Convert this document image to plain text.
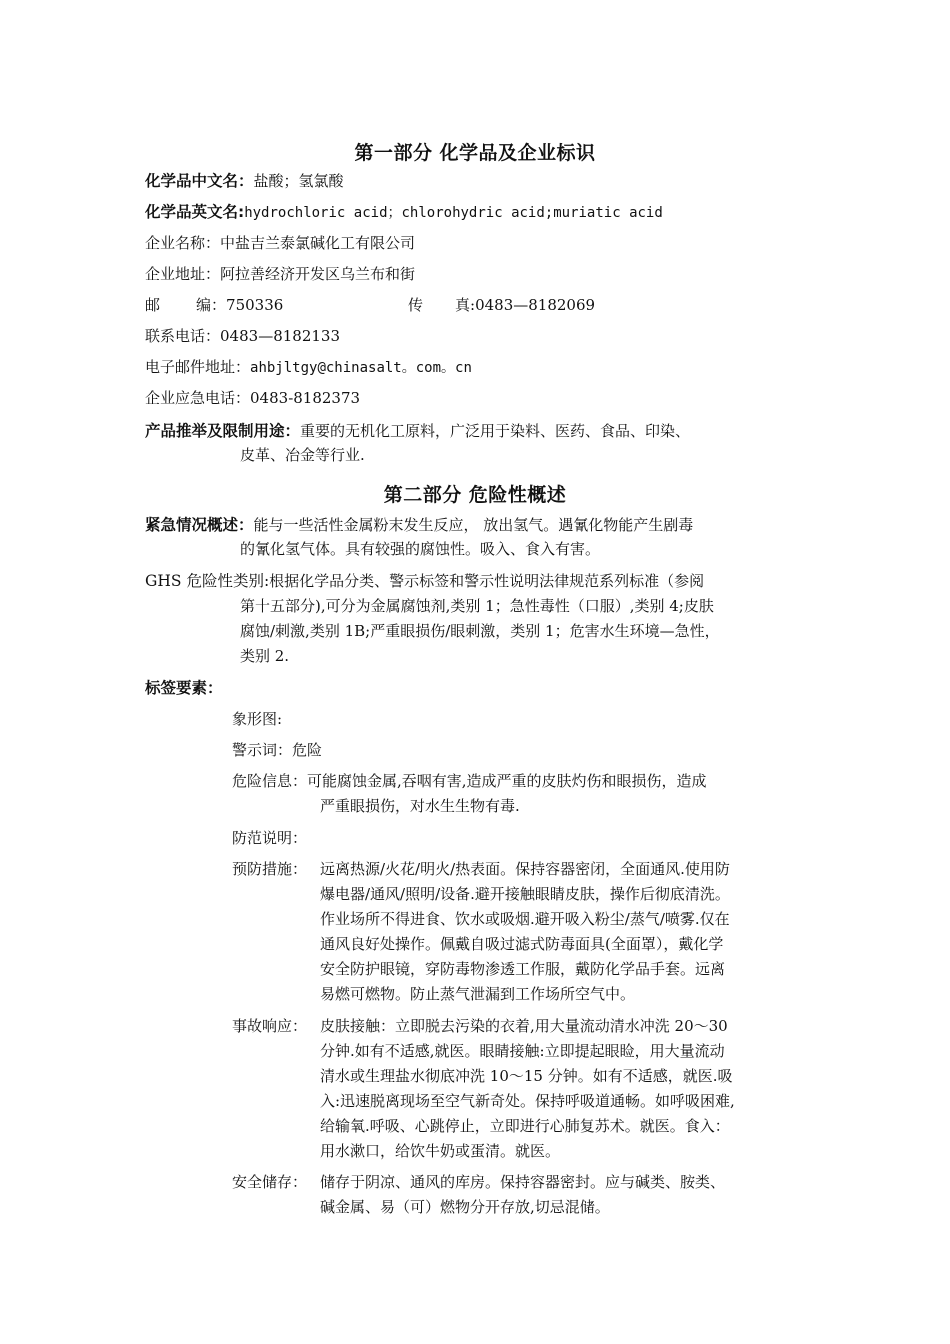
第一部分 化学品及企业标识
化学品中文名：盐酸；氢氯酸
化学品英文名:hydrochloric acid；chlorohydric acid;muriatic acid
企业名称：中盐吉兰泰氯碱化工有限公司
企业地址：阿拉善经济开发区乌兰布和街
邮 编：750336	传 真:0483—8182069
联系电话：0483—8182133
电子邮件地址：ahbjltgy@chinasalt。com。cn
企业应急电话：0483-8182373
产品推举及限制用途：重要的无机化工原料，广泛用于染料、医药、食品、印染、
皮革、冶金等行业.
第二部分 危险性概述
紧急情况概述：能与一些活性金属粉末发生反应， 放出氢气。遇氰化物能产生剧毒
的氰化氢气体。具有较强的腐蚀性。吸入、食入有害。
GHS 危险性类别:根据化学品分类、警示标签和警示性说明法律规范系列标准（参阅
第十五部分),可分为金属腐蚀剂,类别 1；急性毒性（口服）,类别 4;皮肤
腐蚀/刺激,类别 1B;严重眼损伤/眼刺激，类别 1；危害水生环境—急性，
类别 2.
标签要素：
象形图:
警示词：危险
危险信息：可能腐蚀金属,吞咽有害,造成严重的皮肤灼伤和眼损伤，造成
严重眼损伤，对水生生物有毒.
防范说明：
预防措施： 远离热源/火花/明火/热表面。保持容器密闭，全面通风.使用防
爆电器/通风/照明/设备.避开接触眼睛皮肤，操作后彻底清洗。
作业场所不得进食、饮水或吸烟.避开吸入粉尘/蒸气/喷雾.仅在
通风良好处操作。佩戴自吸过滤式防毒面具(全面罩），戴化学
安全防护眼镜，穿防毒物渗透工作服，戴防化学品手套。远离
易燃可燃物。防止蒸气泄漏到工作场所空气中。
事故响应： 皮肤接触：立即脱去污染的衣着,用大量流动清水冲洗 20～30
分钟.如有不适感,就医。眼睛接触:立即提起眼睑，用大量流动
清水或生理盐水彻底冲洗 10～15 分钟。如有不适感，就医.吸
入:迅速脱离现场至空气新奇处。保持呼吸道通畅。如呼吸困难,
给输氧.呼吸、心跳停止，立即进行心肺复苏术。就医。食入：
用水漱口，给饮牛奶或蛋清。就医。
安全储存： 储存于阴凉、通风的库房。保持容器密封。应与碱类、胺类、
碱金属、易（可）燃物分开存放,切忌混储。
